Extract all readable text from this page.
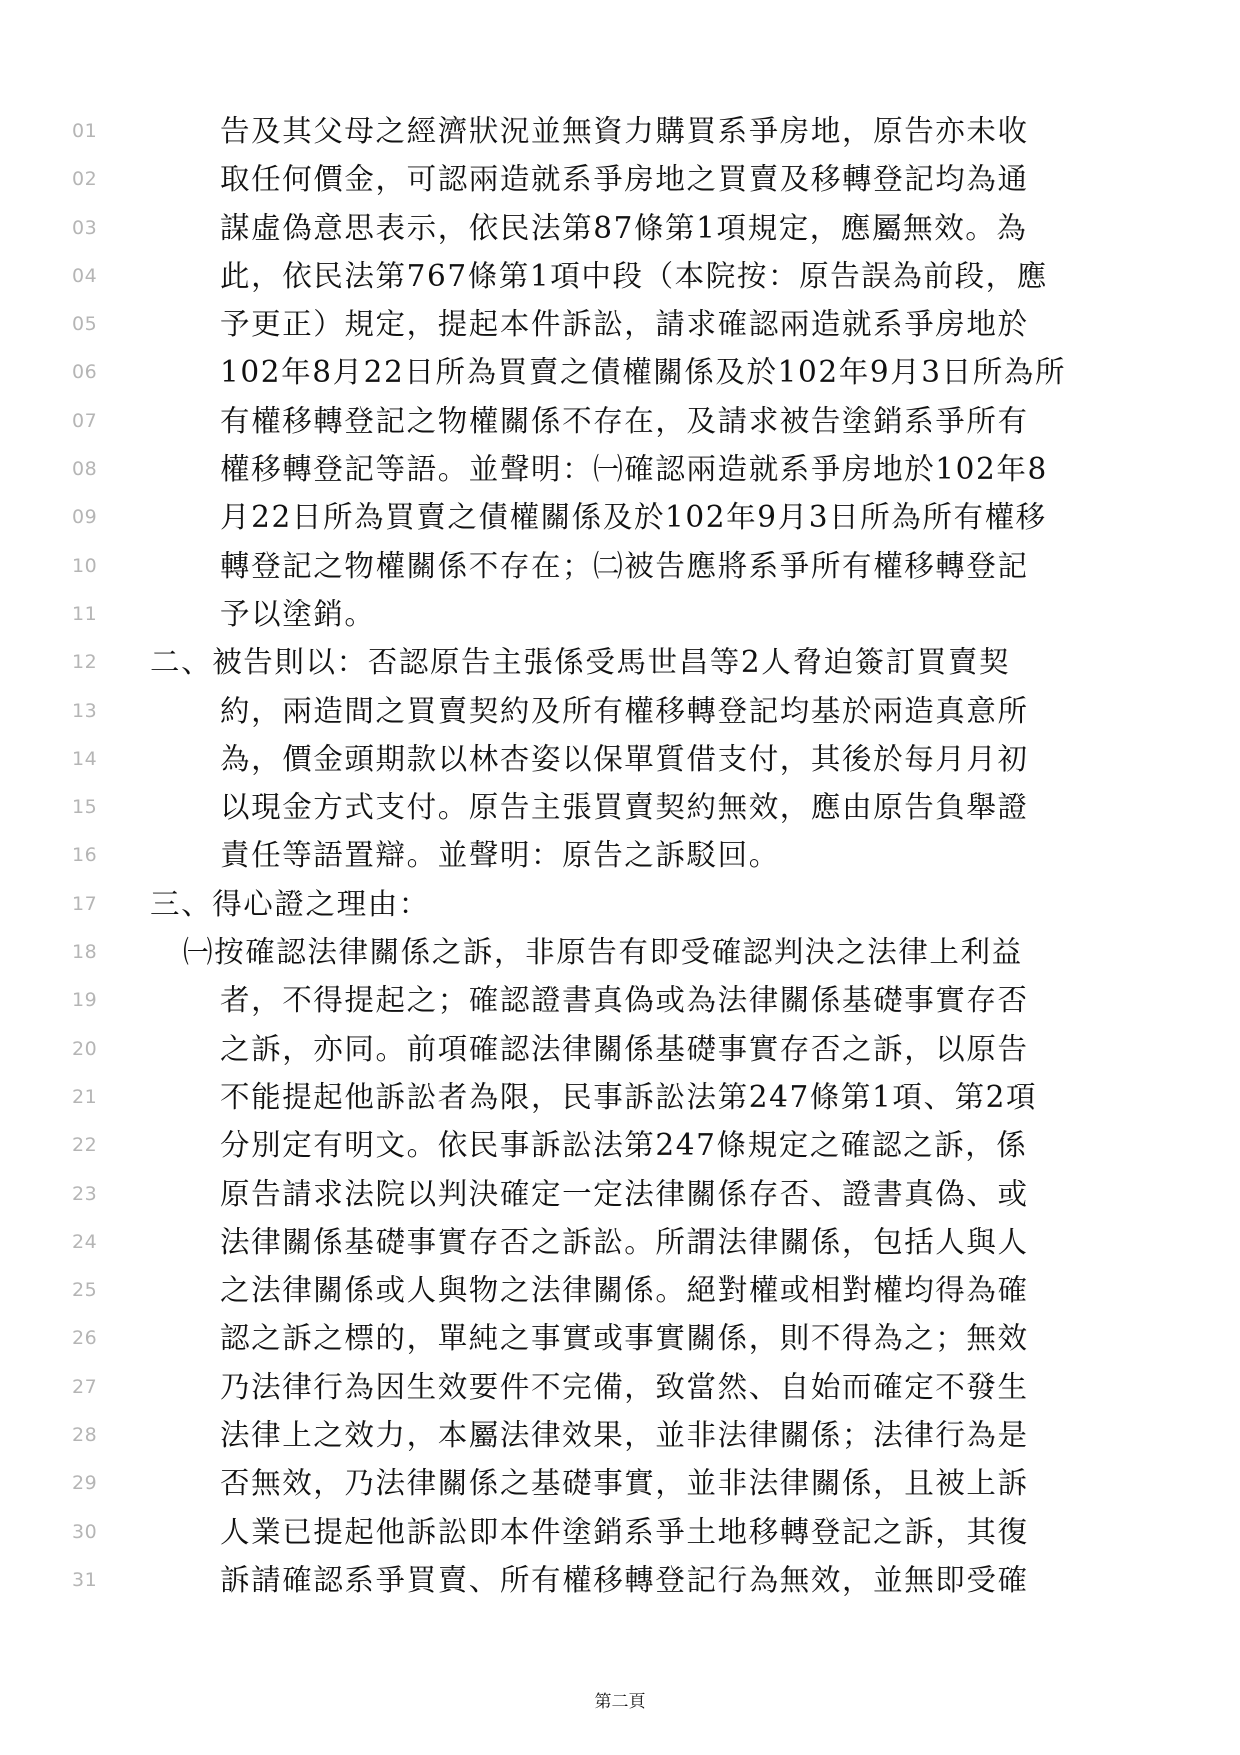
01	告及其父母之經濟狀況並無資力購買系爭房地，原告亦未收
02	取任何價金，可認兩造就系爭房地之買賣及移轉登記均為通
03	謀虛偽意思表示，依民法第87條第1項規定，應屬無效。為
04	此，依民法第767條第1項中段（本院按：原告誤為前段，應
05	予更正）規定，提起本件訴訟，請求確認兩造就系爭房地於
06	102年8月22日所為買賣之債權關係及於102年9月3日所為所
07	有權移轉登記之物權關係不存在，及請求被告塗銷系爭所有
08	權移轉登記等語。並聲明：㈠確認兩造就系爭房地於102年8
09	月22日所為買賣之債權關係及於102年9月3日所為所有權移
10	轉登記之物權關係不存在；㈡被告應將系爭所有權移轉登記
11	予以塗銷。
12	二、被告則以：否認原告主張係受馬世昌等2人脅迫簽訂買賣契
13	約，兩造間之買賣契約及所有權移轉登記均基於兩造真意所
14	為，價金頭期款以林杏姿以保單質借支付，其後於每月月初
15	以現金方式支付。原告主張買賣契約無效，應由原告負舉證
16	責任等語置辯。並聲明：原告之訴駁回。
17	三、得心證之理由：
18	㈠按確認法律關係之訴，非原告有即受確認判決之法律上利益
19	者，不得提起之；確認證書真偽或為法律關係基礎事實存否
20	之訴，亦同。前項確認法律關係基礎事實存否之訴，以原告
21	不能提起他訴訟者為限，民事訴訟法第247條第1項、第2項
22	分別定有明文。依民事訴訟法第247條規定之確認之訴，係
23	原告請求法院以判決確定一定法律關係存否、證書真偽、或
24	法律關係基礎事實存否之訴訟。所謂法律關係，包括人與人
25	之法律關係或人與物之法律關係。絕對權或相對權均得為確
26	認之訴之標的，單純之事實或事實關係，則不得為之；無效
27	乃法律行為因生效要件不完備，致當然、自始而確定不發生
28	法律上之效力，本屬法律效果，並非法律關係；法律行為是
29	否無效，乃法律關係之基礎事實，並非法律關係，且被上訴
30	人業已提起他訴訟即本件塗銷系爭土地移轉登記之訴，其復
31	訴請確認系爭買賣、所有權移轉登記行為無效，並無即受確
第二頁
